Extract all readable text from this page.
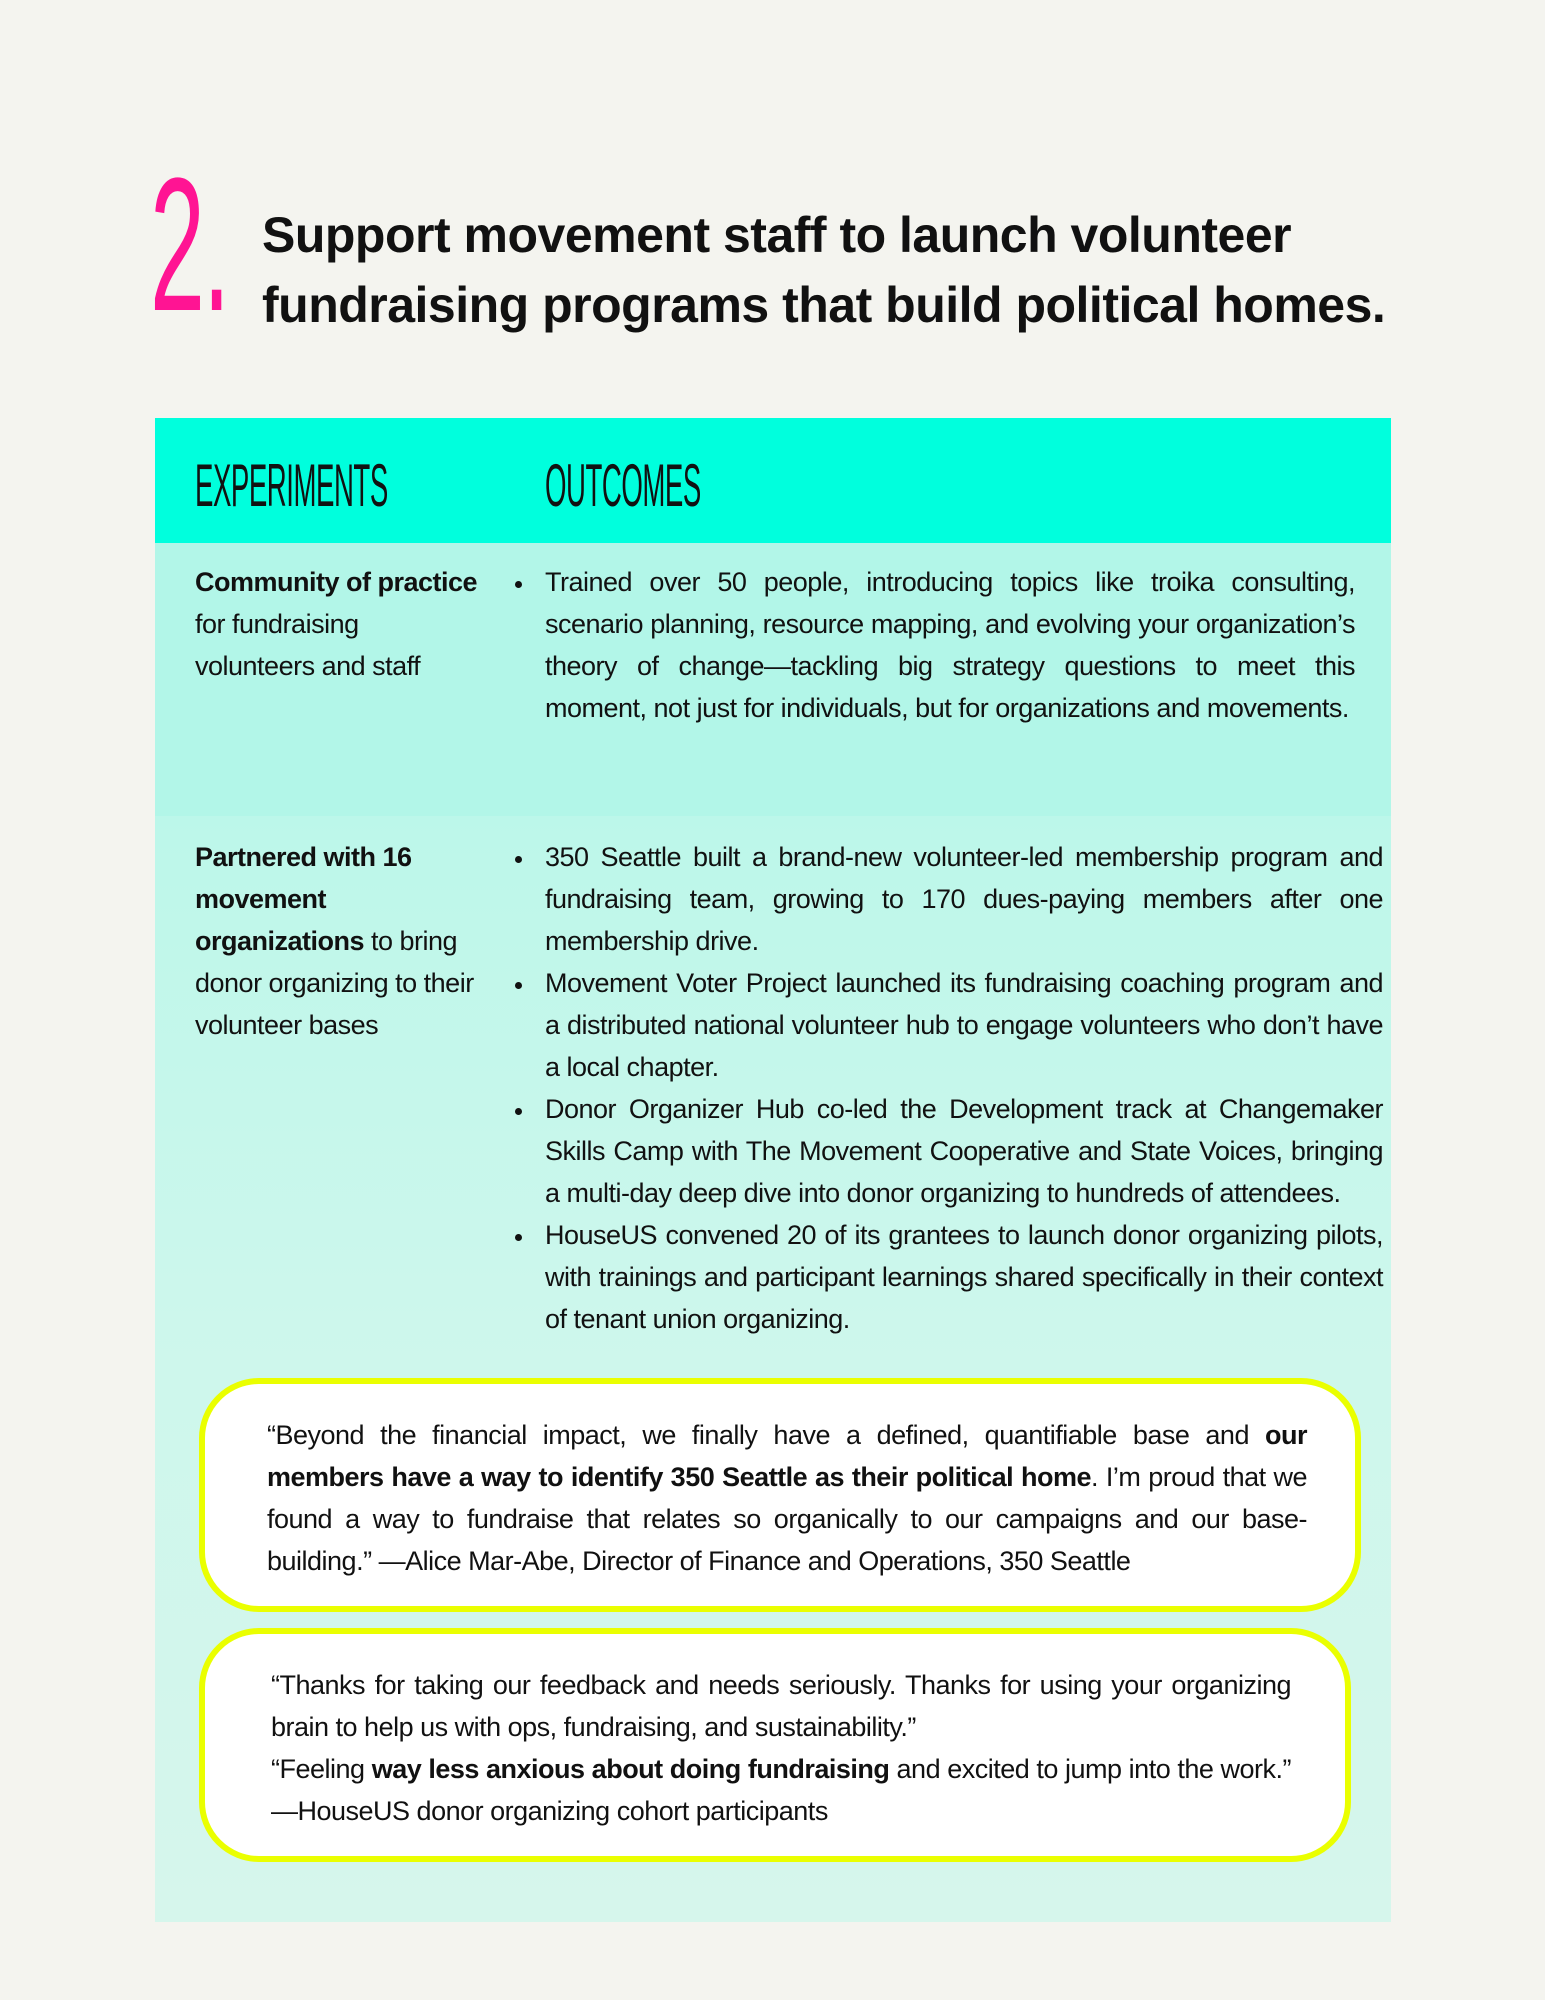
2. Support movement staff to launch volunteer
fundraising programs that build political homes.
EXPERIMENTS	OUTCOMES
Community of practice for fundraising volunteers and staff
• Trained over 50 people, introducing topics like troika consulting, scenario planning, resource mapping, and evolving your organization’s theory of change—tackling big strategy questions to meet this moment, not just for individuals, but for organizations and movements.
Partnered with 16 movement organizations to bring donor organizing to their volunteer bases
• 350 Seattle built a brand-new volunteer-led membership program and fundraising team, growing to 170 dues-paying members after one membership drive.
• Movement Voter Project launched its fundraising coaching program and a distributed national volunteer hub to engage volunteers who don’t have a local chapter.
• Donor Organizer Hub co-led the Development track at Changemaker Skills Camp with The Movement Cooperative and State Voices, bringing a multi-day deep dive into donor organizing to hundreds of attendees.
• HouseUS convened 20 of its grantees to launch donor organizing pilots, with trainings and participant learnings shared specifically in their context of tenant union organizing.
“Beyond the financial impact, we finally have a defined, quantifiable base and our members have a way to identify 350 Seattle as their political home. I’m proud that we found a way to fundraise that relates so organically to our campaigns and our base-building.” —Alice Mar-Abe, Director of Finance and Operations, 350 Seattle

“Thanks for taking our feedback and needs seriously. Thanks for using your organizing brain to help us with ops, fundraising, and sustainability.”

“Feeling way less anxious about doing fundraising and excited to jump into the work.” —HouseUS donor organizing cohort participants
